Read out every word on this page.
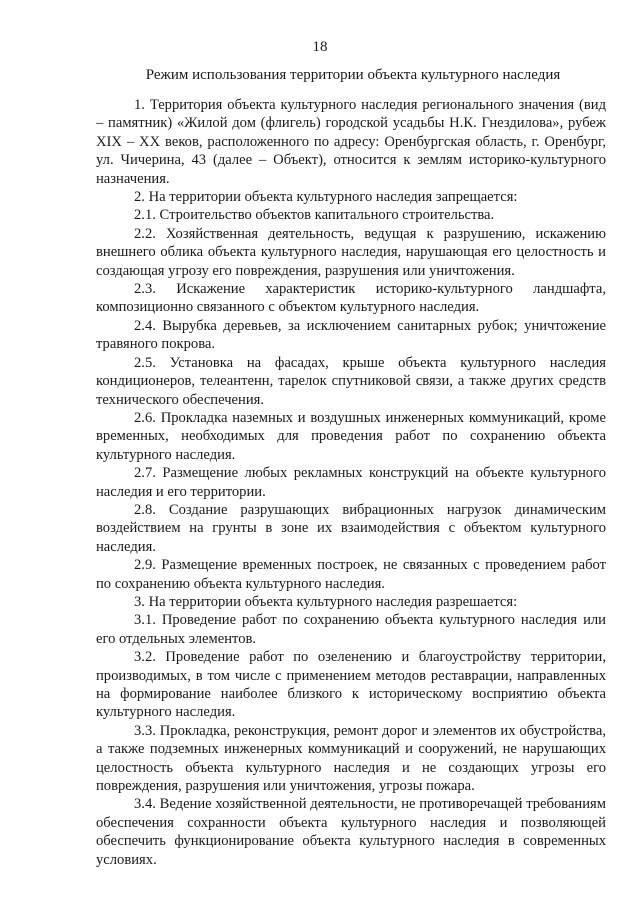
18
Режим использования территории объекта культурного наследия

1. Территория объекта культурного наследия регионального значения (вид – памятник) «Жилой дом (флигель) городской усадьбы Н.К. Гнездилова», рубеж XIX – XX веков, расположенного по адресу: Оренбургская область, г. Оренбург, ул. Чичерина, 43 (далее – Объект), относится к землям историко-культурного назначения.

2. На территории объекта культурного наследия запрещается:

2.1. Строительство объектов капитального строительства.

2.2. Хозяйственная деятельность, ведущая к разрушению, искажению внешнего облика объекта культурного наследия, нарушающая его целостность и создающая угрозу его повреждения, разрушения или уничтожения.

2.3. Искажение характеристик историко-культурного ландшафта, композиционно связанного с объектом культурного наследия.

2.4. Вырубка деревьев, за исключением санитарных рубок; уничтожение травяного покрова.

2.5. Установка на фасадах, крыше объекта культурного наследия кондиционеров, телеантенн, тарелок спутниковой связи, а также других средств технического обеспечения.

2.6. Прокладка наземных и воздушных инженерных коммуникаций, кроме временных, необходимых для проведения работ по сохранению объекта культурного наследия.

2.7. Размещение любых рекламных конструкций на объекте культурного наследия и его территории.

2.8. Создание разрушающих вибрационных нагрузок динамическим воздействием на грунты в зоне их взаимодействия с объектом культурного наследия.

2.9. Размещение временных построек, не связанных с проведением работ по сохранению объекта культурного наследия.

3. На территории объекта культурного наследия разрешается:

3.1. Проведение работ по сохранению объекта культурного наследия или его отдельных элементов.

3.2. Проведение работ по озеленению и благоустройству территории, производимых, в том числе с применением методов реставрации, направленных на формирование наиболее близкого к историческому восприятию объекта культурного наследия.

3.3. Прокладка, реконструкция, ремонт дорог и элементов их обустройства, а также подземных инженерных коммуникаций и сооружений, не нарушающих целостность объекта культурного наследия и не создающих угрозы его повреждения, разрушения или уничтожения, угрозы пожара.

3.4. Ведение хозяйственной деятельности, не противоречащей требованиям обеспечения сохранности объекта культурного наследия и позволяющей обеспечить функционирование объекта культурного наследия в современных условиях.
